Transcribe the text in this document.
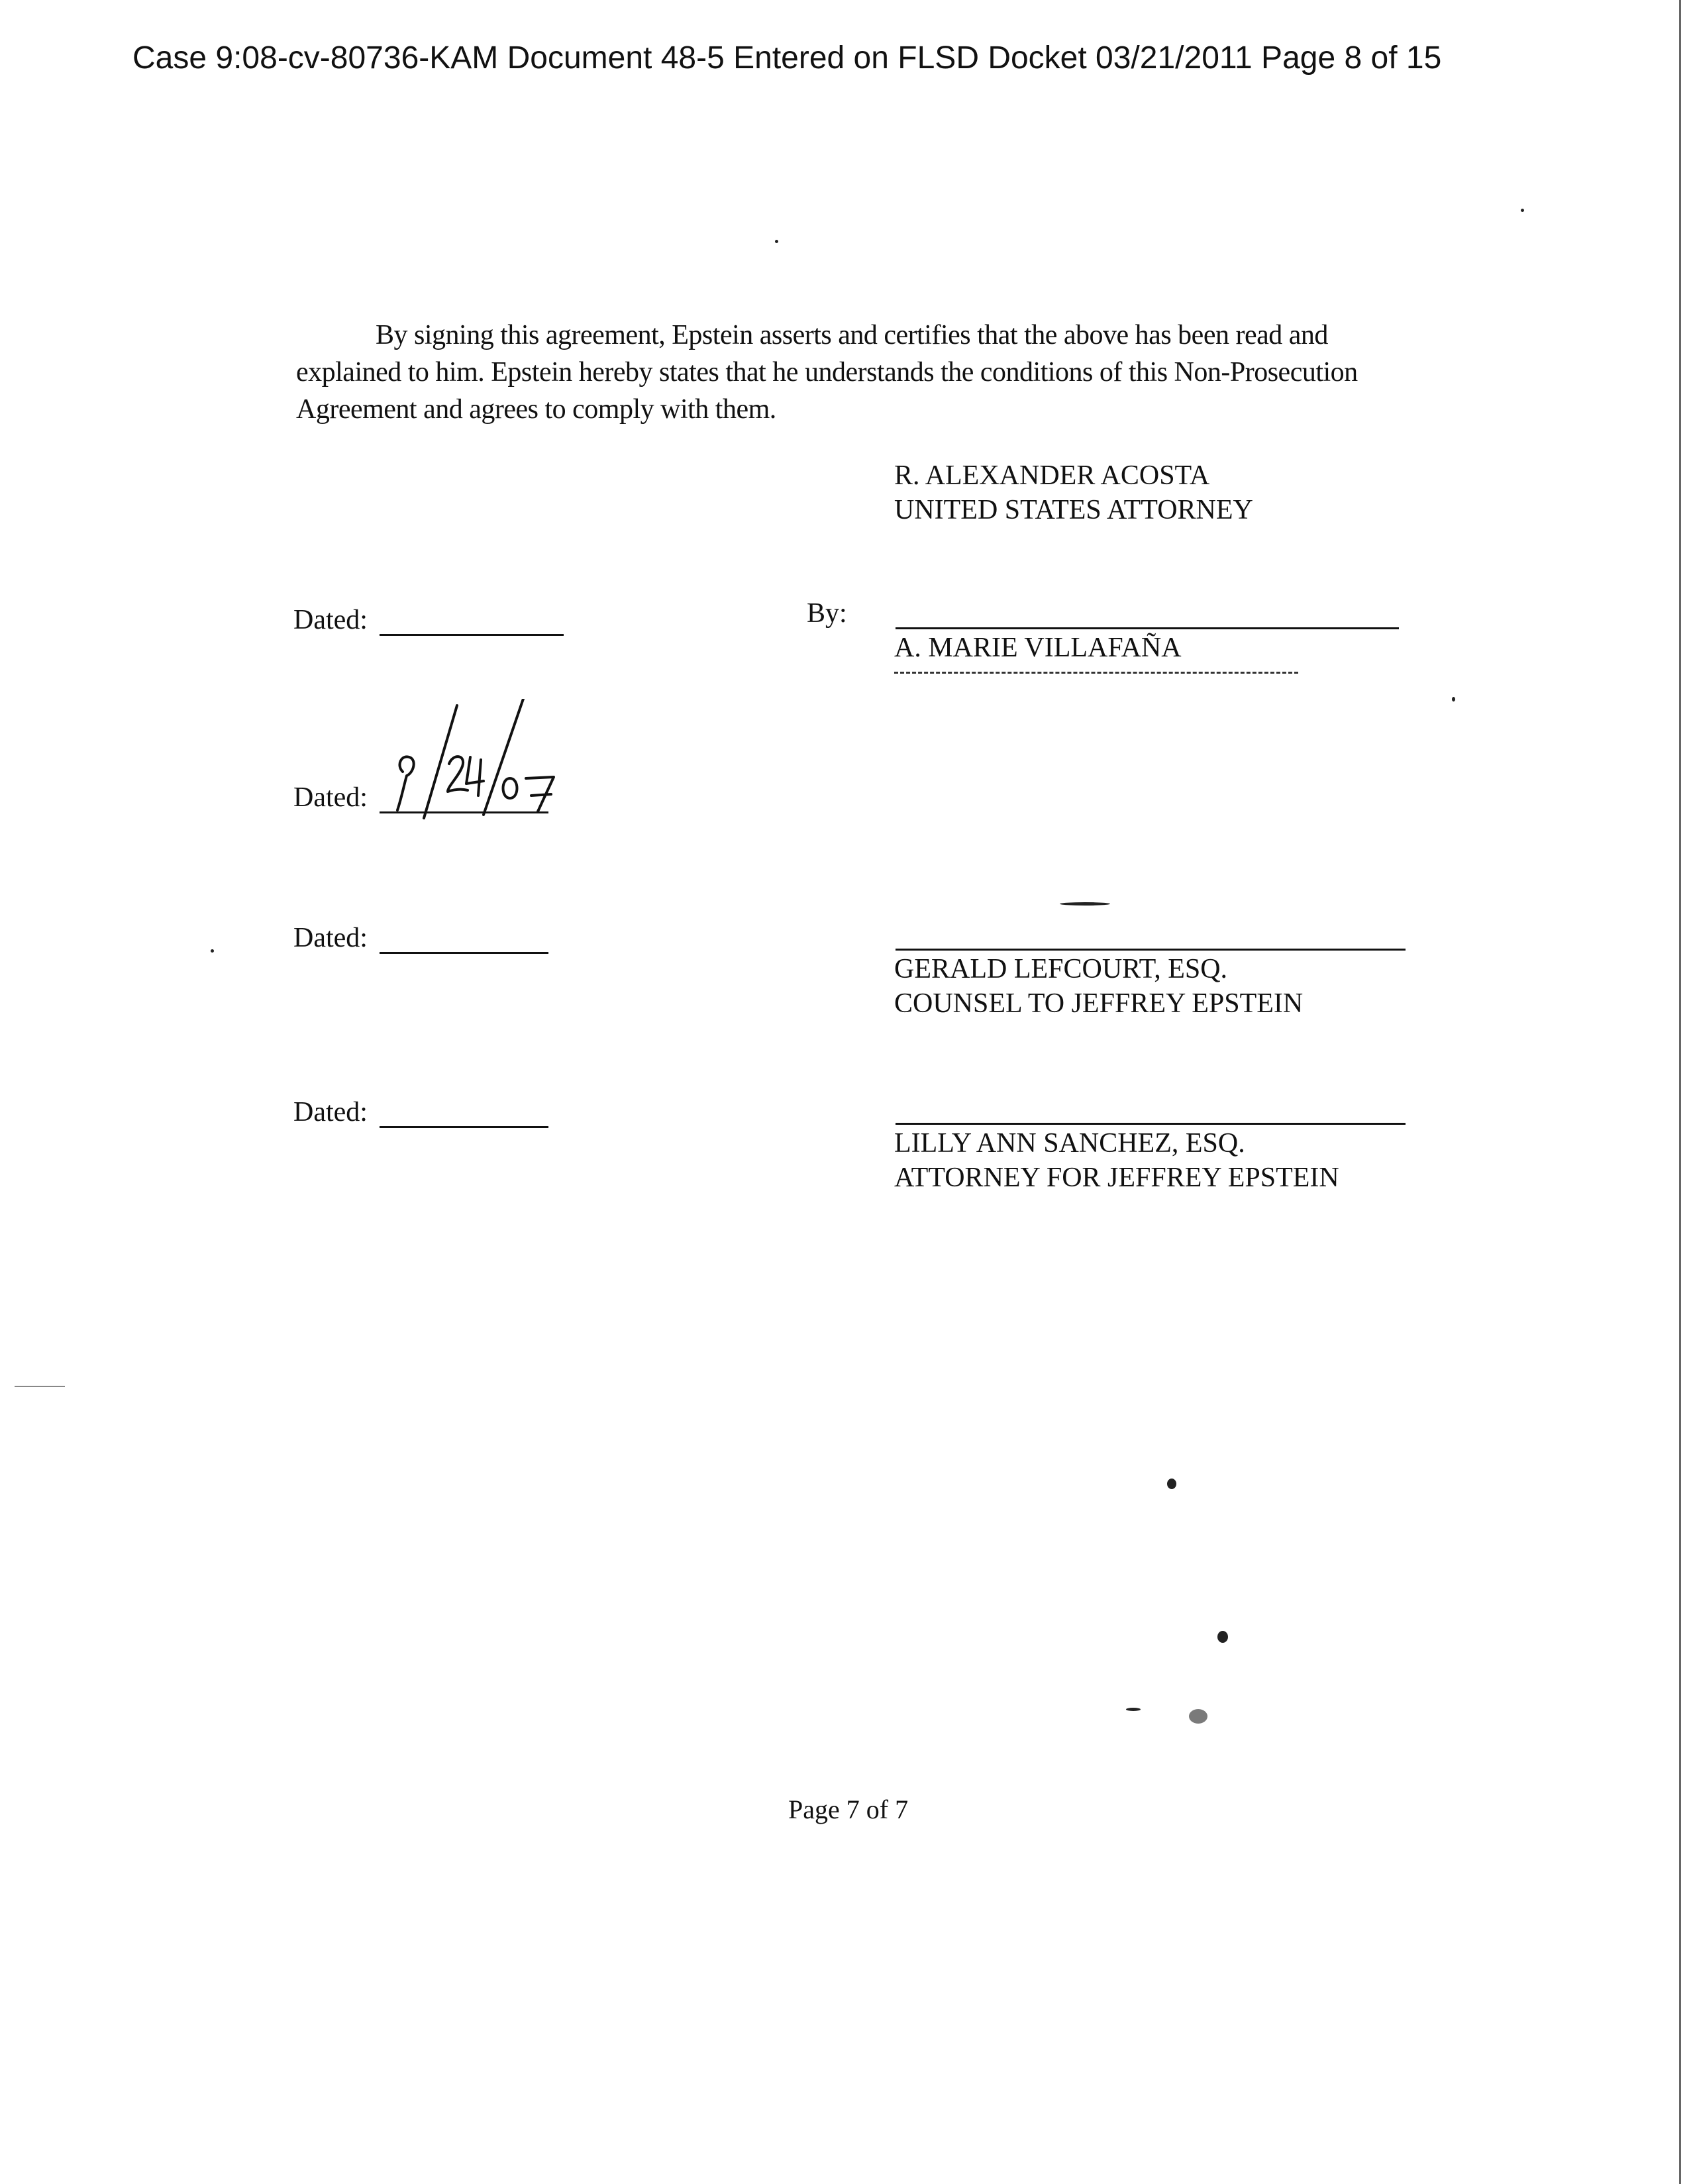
Case 9:08-cv-80736-KAM Document 48-5 Entered on FLSD Docket 03/21/2011 Page 8 of 15
By signing this agreement, Epstein asserts and certifies that the above has been read and explained to him. Epstein hereby states that he understands the conditions of this Non-Prosecution Agreement and agrees to comply with them.
R. ALEXANDER ACOSTA
UNITED STATES ATTORNEY
Dated:	By:
A. MARIE VILLAFAÑA
Dated:
Dated:
GERALD LEFCOURT, ESQ.
COUNSEL TO JEFFREY EPSTEIN
Dated:
LILLY ANN SANCHEZ, ESQ.
ATTORNEY FOR JEFFREY EPSTEIN
Page 7 of 7
